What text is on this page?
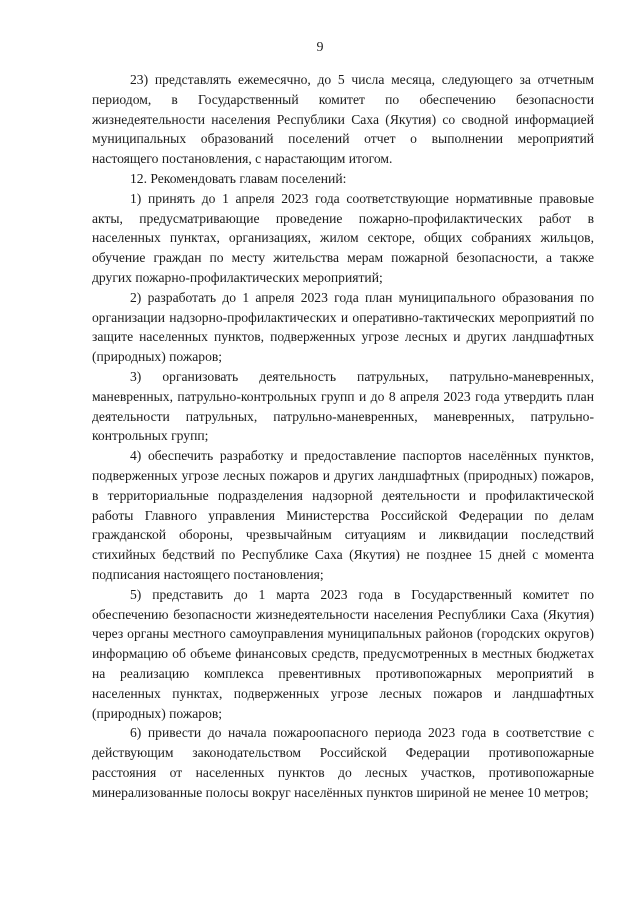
9

23) представлять ежемесячно, до 5 числа месяца, следующего за отчетным периодом, в Государственный комитет по обеспечению безопасности жизнедеятельности населения Республики Саха (Якутия) со сводной информацией муниципальных образований поселений отчет о выполнении мероприятий настоящего постановления, с нарастающим итогом.

12. Рекомендовать главам поселений:

1) принять до 1 апреля 2023 года соответствующие нормативные правовые акты, предусматривающие проведение пожарно-профилактических работ в населенных пунктах, организациях, жилом секторе, общих собраниях жильцов, обучение граждан по месту жительства мерам пожарной безопасности, а также других пожарно-профилактических мероприятий;

2) разработать до 1 апреля 2023 года план муниципального образования по организации надзорно-профилактических и оперативно-тактических мероприятий по защите населенных пунктов, подверженных угрозе лесных и других ландшафтных (природных) пожаров;

3) организовать деятельность патрульных, патрульно-маневренных, маневренных, патрульно-контрольных групп и до 8 апреля 2023 года утвердить план деятельности патрульных, патрульно-маневренных, маневренных, патрульно-контрольных групп;

4) обеспечить разработку и предоставление паспортов населённых пунктов, подверженных угрозе лесных пожаров и других ландшафтных (природных) пожаров, в территориальные подразделения надзорной деятельности и профилактической работы Главного управления Министерства Российской Федерации по делам гражданской обороны, чрезвычайным ситуациям и ликвидации последствий стихийных бедствий по Республике Саха (Якутия) не позднее 15 дней с момента подписания настоящего постановления;

5) представить до 1 марта 2023 года в Государственный комитет по обеспечению безопасности жизнедеятельности населения Республики Саха (Якутия) через органы местного самоуправления муниципальных районов (городских округов) информацию об объеме финансовых средств, предусмотренных в местных бюджетах на реализацию комплекса превентивных противопожарных мероприятий в населенных пунктах, подверженных угрозе лесных пожаров и ландшафтных (природных) пожаров;

6) привести до начала пожароопасного периода 2023 года в соответствие с действующим законодательством Российской Федерации противопожарные расстояния от населенных пунктов до лесных участков, противопожарные минерализованные полосы вокруг населённых пунктов шириной не менее 10 метров;
